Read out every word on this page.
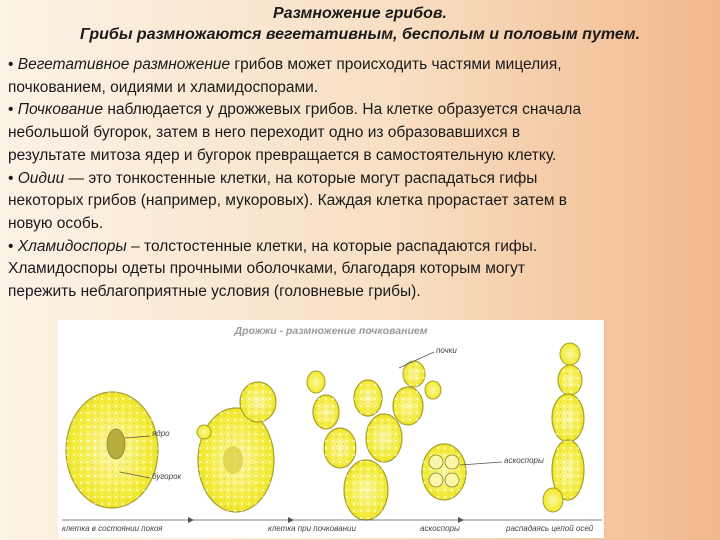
Размножение грибов.
Грибы размножаются вегетативным, бесполым и половым путем.
• Вегетативное размножение грибов может происходить частями мицелия,
почкованием, оидиями и хламидоспорами.
• Почкование наблюдается у дрожжевых грибов. На клетке образуется сначала
небольшой бугорок, затем в него переходит одно из образовавшихся в
результате митоза ядер и бугорок превращается в самостоятельную клетку.
• Оидии — это тонкостенные клетки, на которые могут распадаться гифы
некоторых грибов (например, мукоровых). Каждая клетка прорастает затем в
новую особь.
• Хламидоспоры – толстостенные клетки, на которые распадаются гифы.
Хламидоспоры одеты прочными оболочками, благодаря которым могут
пережить неблагоприятные условия (головневые грибы).
Дрожжи - размножение почкованием
ядро
бугорок
почки
аскоспоры
клетка в состоянии покоя	клетка при почковании	аскоспоры	распадаясь цепой осей
